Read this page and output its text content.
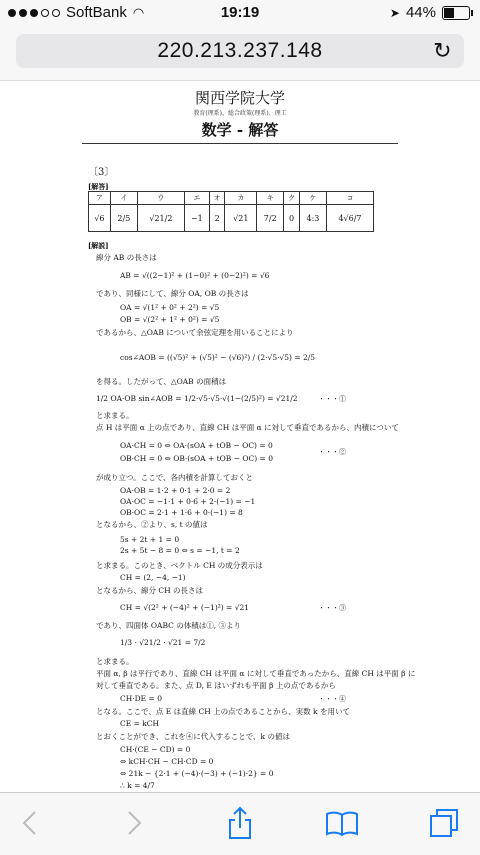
SoftBank ◠	19:19	➤ 44%
220.213.237.148	↻
関西学院大学
教育(理系)、総合政策(理系)、理工
数学 - 解答
〔3〕
[解答]
ア	イ	ウ	エ	オ	カ	キ	ク	ケ	コ
√6	2/5	√21/2	−1	2	√21	7/2	0	4:3	4√6/7
[解説]
線分 AB の長さは
AB = √((2−1)² + (1−0)² + (0−2)²) = √6
であり、同様にして、線分 OA, OB の長さは
OA = √(1² + 0² + 2²) = √5
OB = √(2² + 1² + 0²) = √5
であるから、△OAB について余弦定理を用いることにより
cos∠AOB = ((√5)² + (√5)² − (√6)²) / (2·√5·√5) = 2/5
を得る。したがって、△OAB の面積は
1/2 OA·OB sin∠AOB = 1/2·√5·√5·√(1−(2/5)²) = √21/2	・・・①
と求まる。
点 H は平面 α 上の点であり、直線 CH は平面 α に対して垂直であるから、内積について
OA·CH = 0 ⇔ OA·(sOA + tOB − OC) = 0
OB·CH = 0 ⇔ OB·(sOA + tOB − OC) = 0
・・・②
が成り立つ。ここで、各内積を計算しておくと
OA·OB = 1·2 + 0·1 + 2·0 = 2
OA·OC = −1·1 + 0·6 + 2·(−1) = −1
OB·OC = 2·1 + 1·6 + 0·(−1) = 8
となるから、②より、s, t の値は
5s + 2t + 1 = 0
2s + 5t − 8 = 0 ⇔ s = −1, t = 2
と求まる。このとき、ベクトル CH の成分表示は
CH = (2, −4, −1)
となるから、線分 CH の長さは
CH = √(2² + (−4)² + (−1)²) = √21	・・・③
であり、四面体 OABC の体積は①, ③より
1/3 · √21/2 · √21 = 7/2
と求まる。
平面 α, β は平行であり、直線 CH は平面 α に対して垂直であったから、直線 CH は平面 β に
対して垂直である。また、点 D, E はいずれも平面 β 上の点であるから
CH·DE = 0	・・・④
となる。ここで、点 E は直線 CH 上の点であることから、実数 k を用いて
CE = kCH
とおくことができ、これを④に代入することで、k の値は
CH·(CE − CD) = 0
⇔ kCH·CH − CH·CD = 0
⇔ 21k − {2·1 + (−4)·(−3) + (−1)·2} = 0
∴ k = 4/7
